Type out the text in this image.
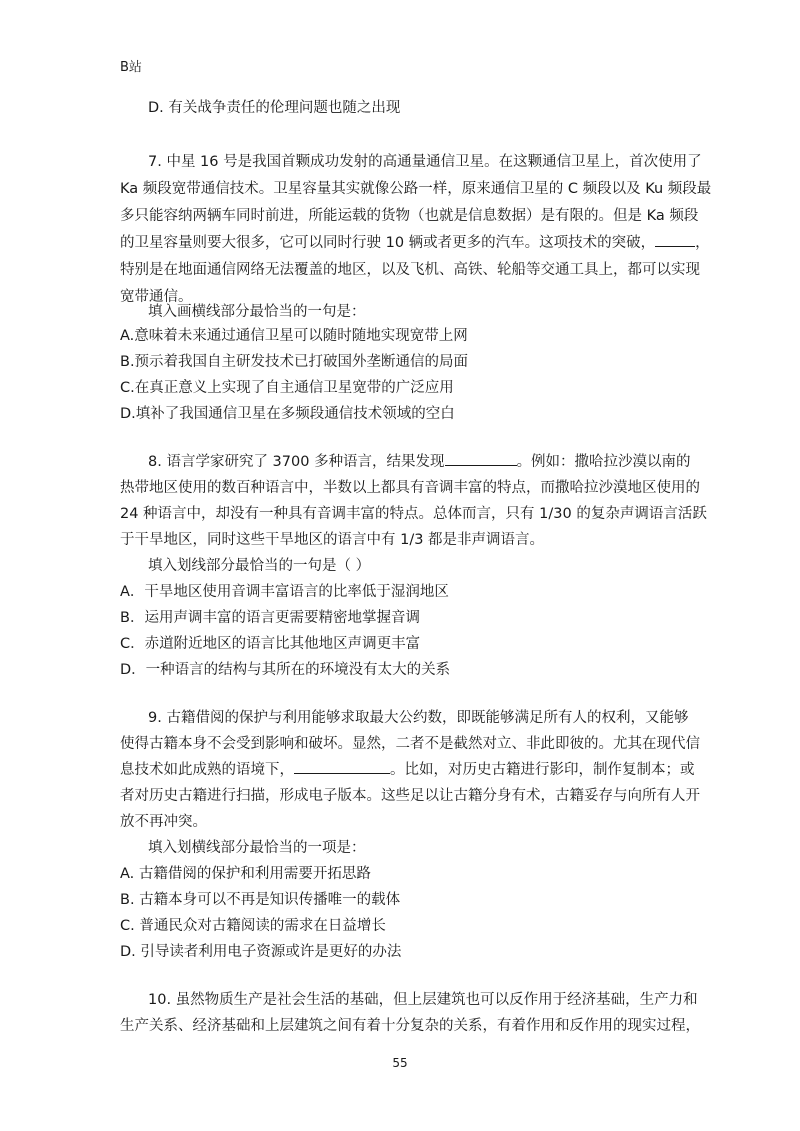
B站
D. 有关战争责任的伦理问题也随之出现
7. 中星 16 号是我国首颗成功发射的高通量通信卫星。在这颗通信卫星上，首次使用了
Ka 频段宽带通信技术。卫星容量其实就像公路一样，原来通信卫星的 C 频段以及 Ku 频段最
多只能容纳两辆车同时前进，所能运载的货物（也就是信息数据）是有限的。但是 Ka 频段
的卫星容量则要大很多，它可以同时行驶 10 辆或者更多的汽车。这项技术的突破，	，
特别是在地面通信网络无法覆盖的地区，以及飞机、高铁、轮船等交通工具上，都可以实现
宽带通信。
填入画横线部分最恰当的一句是：
A.意味着未来通过通信卫星可以随时随地实现宽带上网
B.预示着我国自主研发技术已打破国外垄断通信的局面
C.在真正意义上实现了自主通信卫星宽带的广泛应用
D.填补了我国通信卫星在多频段通信技术领域的空白
8. 语言学家研究了 3700 多种语言，结果发现	。例如：撒哈拉沙漠以南的
热带地区使用的数百种语言中，半数以上都具有音调丰富的特点，而撒哈拉沙漠地区使用的
24 种语言中，却没有一种具有音调丰富的特点。总体而言，只有 1/30 的复杂声调语言活跃
于干旱地区，同时这些干旱地区的语言中有 1/3 都是非声调语言。
填入划线部分最恰当的一句是（ ）
A．干旱地区使用音调丰富语言的比率低于湿润地区
B．运用声调丰富的语言更需要精密地掌握音调
C．赤道附近地区的语言比其他地区声调更丰富
D．一种语言的结构与其所在的环境没有太大的关系
9. 古籍借阅的保护与利用能够求取最大公约数，即既能够满足所有人的权利，又能够
使得古籍本身不会受到影响和破坏。显然，二者不是截然对立、非此即彼的。尤其在现代信
息技术如此成熟的语境下，	。比如，对历史古籍进行影印，制作复制本；或
者对历史古籍进行扫描，形成电子版本。这些足以让古籍分身有术，古籍妥存与向所有人开
放不再冲突。
填入划横线部分最恰当的一项是：
A. 古籍借阅的保护和利用需要开拓思路
B. 古籍本身可以不再是知识传播唯一的载体
C. 普通民众对古籍阅读的需求在日益增长
D. 引导读者利用电子资源或许是更好的办法
10. 虽然物质生产是社会生活的基础，但上层建筑也可以反作用于经济基础，生产力和
生产关系、经济基础和上层建筑之间有着十分复杂的关系，有着作用和反作用的现实过程，
55
